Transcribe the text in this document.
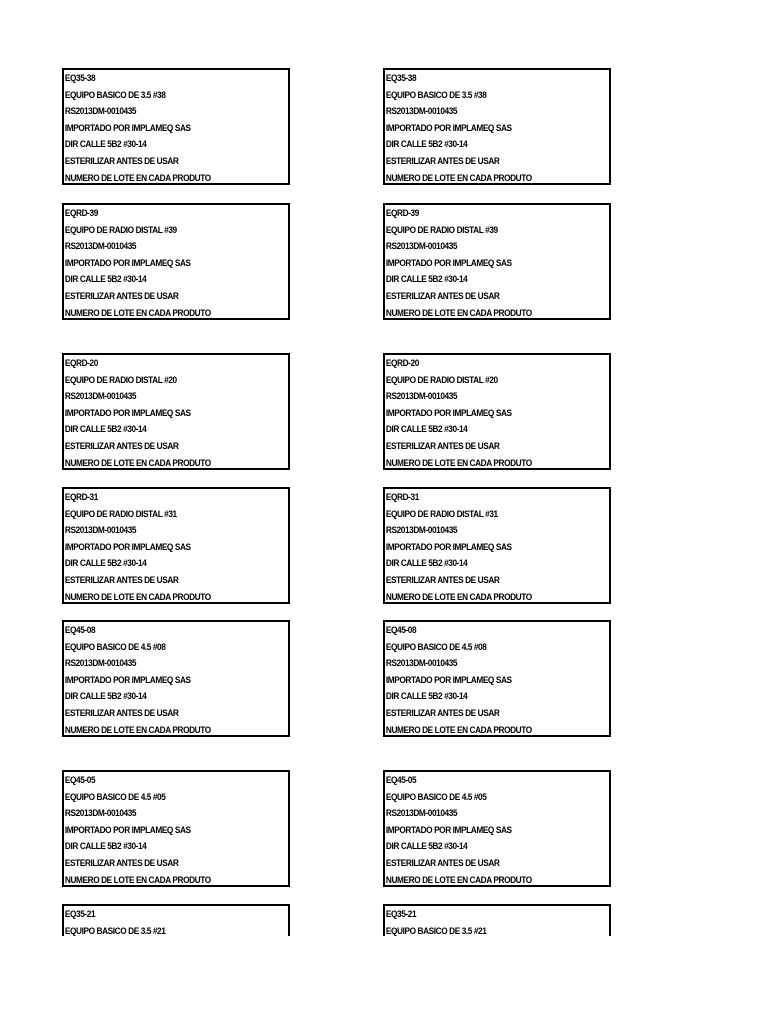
EQ35-38
EQUIPO BASICO DE 3.5 #38
RS2013DM-0010435
IMPORTADO POR IMPLAMEQ SAS
DIR CALLE 5B2 #30-14
ESTERILIZAR ANTES DE USAR
NUMERO DE LOTE EN CADA PRODUTO
EQ35-38
EQUIPO BASICO DE 3.5 #38
RS2013DM-0010435
IMPORTADO POR IMPLAMEQ SAS
DIR CALLE 5B2 #30-14
ESTERILIZAR ANTES DE USAR
NUMERO DE LOTE EN CADA PRODUTO
EQRD-39
EQUIPO DE RADIO DISTAL #39
RS2013DM-0010435
IMPORTADO POR IMPLAMEQ SAS
DIR CALLE 5B2 #30-14
ESTERILIZAR ANTES DE USAR
NUMERO DE LOTE EN CADA PRODUTO
EQRD-39
EQUIPO DE RADIO DISTAL #39
RS2013DM-0010435
IMPORTADO POR IMPLAMEQ SAS
DIR CALLE 5B2 #30-14
ESTERILIZAR ANTES DE USAR
NUMERO DE LOTE EN CADA PRODUTO
EQRD-20
EQUIPO DE RADIO DISTAL #20
RS2013DM-0010435
IMPORTADO POR IMPLAMEQ SAS
DIR CALLE 5B2 #30-14
ESTERILIZAR ANTES DE USAR
NUMERO DE LOTE EN CADA PRODUTO
EQRD-20
EQUIPO DE RADIO DISTAL #20
RS2013DM-0010435
IMPORTADO POR IMPLAMEQ SAS
DIR CALLE 5B2 #30-14
ESTERILIZAR ANTES DE USAR
NUMERO DE LOTE EN CADA PRODUTO
EQRD-31
EQUIPO DE RADIO DISTAL #31
RS2013DM-0010435
IMPORTADO POR IMPLAMEQ SAS
DIR CALLE 5B2 #30-14
ESTERILIZAR ANTES DE USAR
NUMERO DE LOTE EN CADA PRODUTO
EQRD-31
EQUIPO DE RADIO DISTAL #31
RS2013DM-0010435
IMPORTADO POR IMPLAMEQ SAS
DIR CALLE 5B2 #30-14
ESTERILIZAR ANTES DE USAR
NUMERO DE LOTE EN CADA PRODUTO
EQ45-08
EQUIPO BASICO DE 4.5 #08
RS2013DM-0010435
IMPORTADO POR IMPLAMEQ SAS
DIR CALLE 5B2 #30-14
ESTERILIZAR ANTES DE USAR
NUMERO DE LOTE EN CADA PRODUTO
EQ45-08
EQUIPO BASICO DE 4.5 #08
RS2013DM-0010435
IMPORTADO POR IMPLAMEQ SAS
DIR CALLE 5B2 #30-14
ESTERILIZAR ANTES DE USAR
NUMERO DE LOTE EN CADA PRODUTO
EQ45-05
EQUIPO BASICO DE 4.5 #05
RS2013DM-0010435
IMPORTADO POR IMPLAMEQ SAS
DIR CALLE 5B2 #30-14
ESTERILIZAR ANTES DE USAR
NUMERO DE LOTE EN CADA PRODUTO
EQ45-05
EQUIPO BASICO DE 4.5 #05
RS2013DM-0010435
IMPORTADO POR IMPLAMEQ SAS
DIR CALLE 5B2 #30-14
ESTERILIZAR ANTES DE USAR
NUMERO DE LOTE EN CADA PRODUTO
EQ35-21
EQUIPO BASICO DE 3.5 #21
EQ35-21
EQUIPO BASICO DE 3.5 #21
